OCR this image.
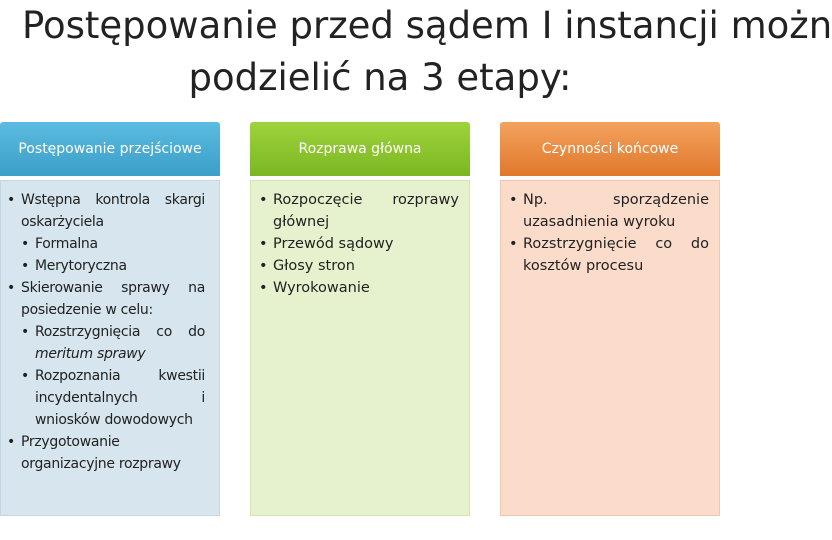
Postępowanie przed sądem I instancji możn
podzielić na 3 etapy:
Postępowanie przejściowe
• Wstępna kontrola skargi oskarżyciela
• Formalna
• Merytoryczna
• Skierowanie sprawy na posiedzenie w celu:
• Rozstrzygnięcia co do meritum sprawy
• Rozpoznania kwestii incydentalnych i wniosków dowodowych
• Przygotowanie organizacyjne rozprawy
Rozprawa główna
• Rozpoczęcie rozprawy głównej
• Przewód sądowy
• Głosy stron
• Wyrokowanie
Czynności końcowe
• Np. sporządzenie uzasadnienia wyroku
• Rozstrzygnięcie co do kosztów procesu
